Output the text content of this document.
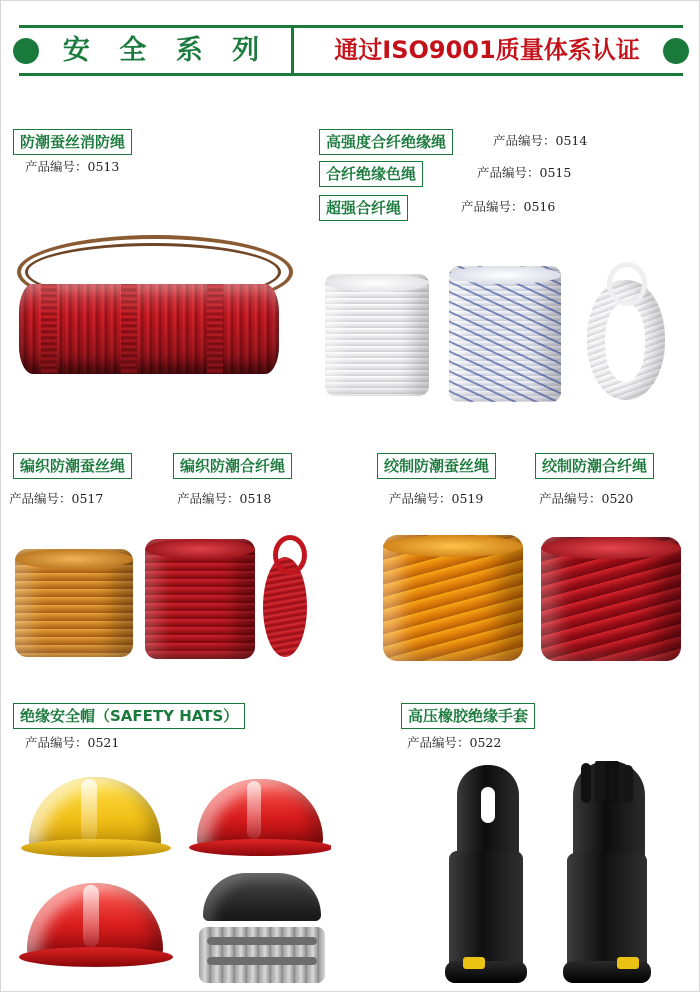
安 全 系 列	通过ISO9001质量体系认证
防潮蚕丝消防绳
产品编号：0513
高强度合纤绝缘绳	产品编号：0514
合纤绝缘色绳	产品编号：0515
超强合纤绳	产品编号：0516
编织防潮蚕丝绳
产品编号：0517
编织防潮合纤绳
产品编号：0518
绞制防潮蚕丝绳
产品编号：0519
绞制防潮合纤绳
产品编号：0520
绝缘安全帽（SAFETY HATS）
产品编号：0521
高压橡胶绝缘手套
产品编号：0522
